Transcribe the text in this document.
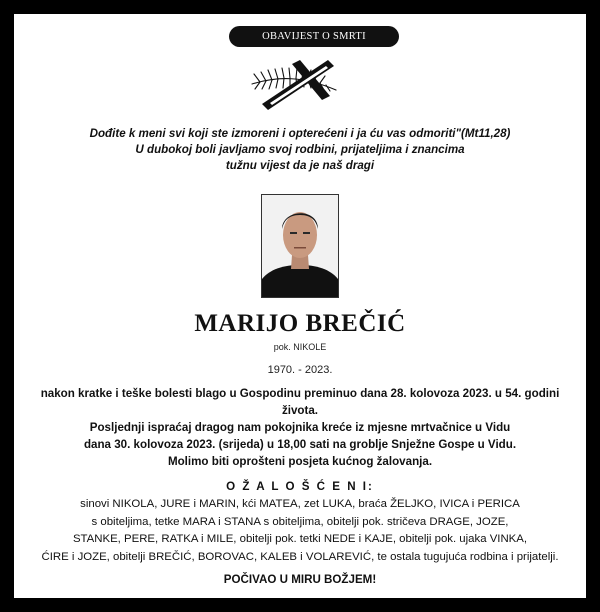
OBAVIJEST O SMRTI
Dođite k meni svi koji ste izmoreni i opterećeni i ja ću vas odmoriti"(Mt11,28)
U dubokoj boli javljamo svoj rodbini, prijateljima i znancima
tužnu vijest da je naš dragi
MARIJO BREČIĆ
pok. NIKOLE
1970. - 2023.
nakon kratke i teške bolesti blago u Gospodinu preminuo dana 28. kolovoza 2023. u 54. godini
života.
Posljednji ispraćaj dragog nam pokojnika kreće iz mjesne mrtvačnice u Vidu
dana 30. kolovoza 2023. (srijeda) u 18,00 sati na groblje Snježne Gospe u Vidu.
Molimo biti oprošteni posjeta kućnog žalovanja.
O Ž A L O Š Ć E N I:
sinovi NIKOLA, JURE i MARIN, kći MATEA, zet LUKA, braća ŽELJKO, IVICA i PERICA
s obiteljima, tetke MARA i STANA s obiteljima, obitelji pok. stričeva DRAGE, JOZE,
STANKE, PERE, RATKA i MILE, obitelji pok. tetki NEDE i KAJE, obitelji pok. ujaka VINKA,
ĆIRE i JOZE, obitelji BREČIĆ, BOROVAC, KALEB i VOLAREVIĆ, te ostala tugujuća rodbina i prijatelji.
POČIVAO U MIRU BOŽJEM!
